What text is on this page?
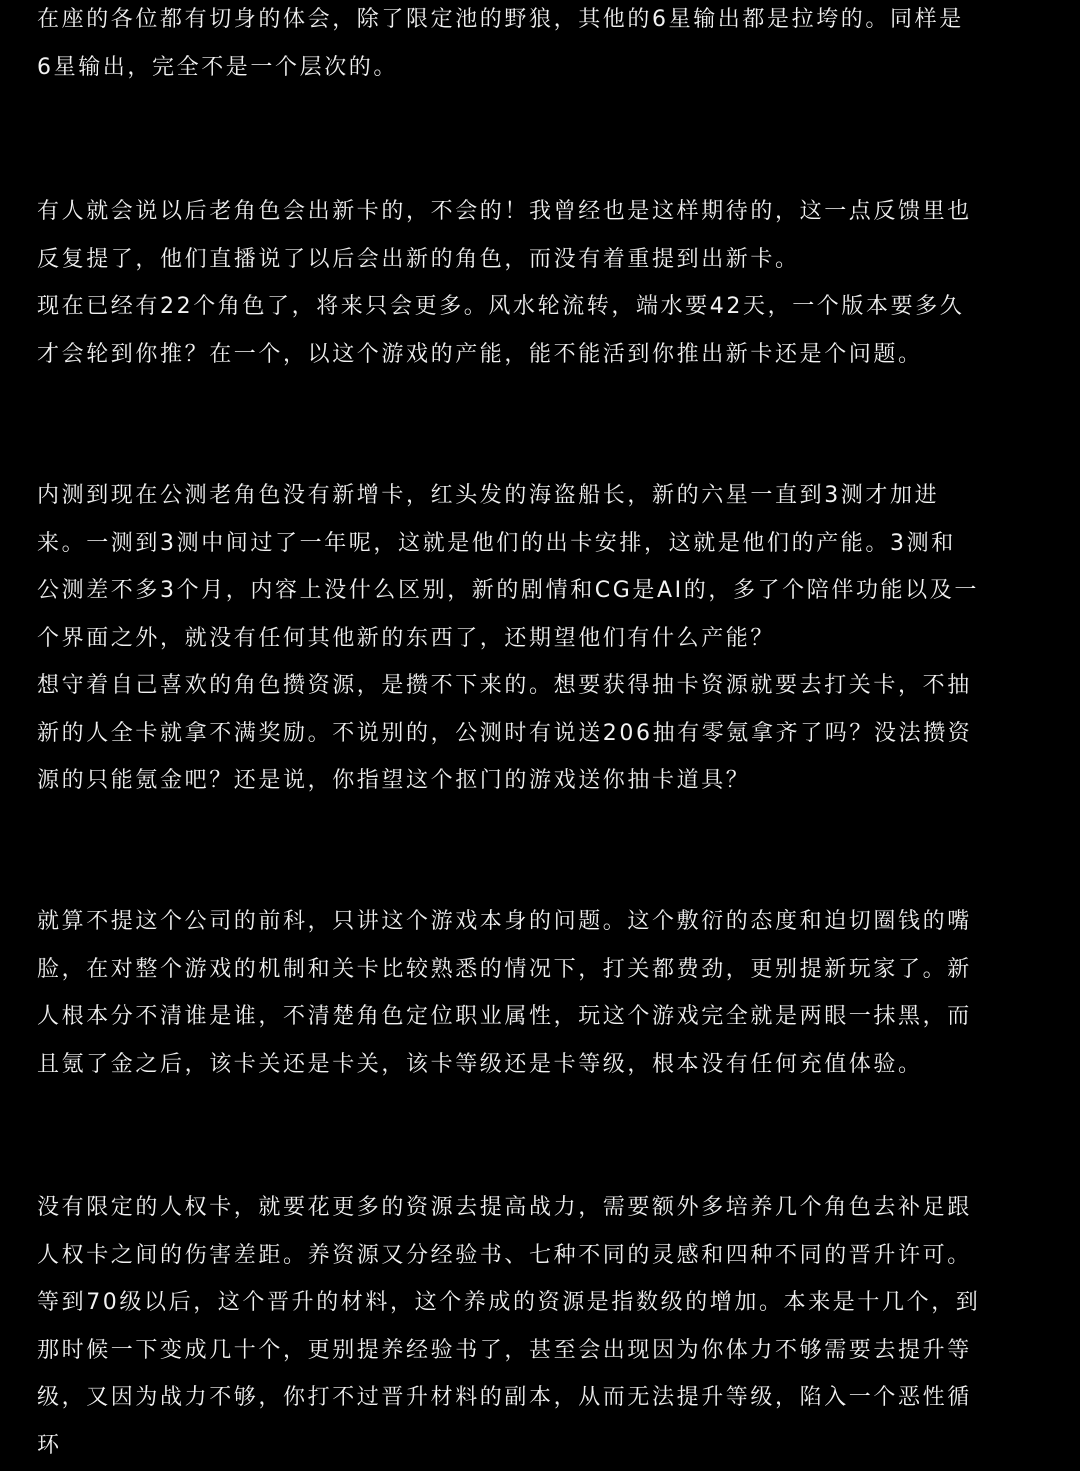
在座的各位都有切身的体会，除了限定池的野狼，其他的6星输出都是拉垮的。同样是
6星输出，完全不是一个层次的。
有人就会说以后老角色会出新卡的，不会的！我曾经也是这样期待的，这一点反馈里也
反复提了，他们直播说了以后会出新的角色，而没有着重提到出新卡。
现在已经有22个角色了，将来只会更多。风水轮流转，端水要42天，一个版本要多久
才会轮到你推？在一个，以这个游戏的产能，能不能活到你推出新卡还是个问题。
内测到现在公测老角色没有新增卡，红头发的海盗船长，新的六星一直到3测才加进
来。一测到3测中间过了一年呢，这就是他们的出卡安排，这就是他们的产能。3测和
公测差不多3个月，内容上没什么区别，新的剧情和CG是AI的，多了个陪伴功能以及一
个界面之外，就没有任何其他新的东西了，还期望他们有什么产能？
想守着自己喜欢的角色攒资源，是攒不下来的。想要获得抽卡资源就要去打关卡，不抽
新的人全卡就拿不满奖励。不说别的，公测时有说送206抽有零氪拿齐了吗？没法攒资
源的只能氪金吧？还是说，你指望这个抠门的游戏送你抽卡道具？
就算不提这个公司的前科，只讲这个游戏本身的问题。这个敷衍的态度和迫切圈钱的嘴
脸，在对整个游戏的机制和关卡比较熟悉的情况下，打关都费劲，更别提新玩家了。新
人根本分不清谁是谁，不清楚角色定位职业属性，玩这个游戏完全就是两眼一抹黑，而
且氪了金之后，该卡关还是卡关，该卡等级还是卡等级，根本没有任何充值体验。
没有限定的人权卡，就要花更多的资源去提高战力，需要额外多培养几个角色去补足跟
人权卡之间的伤害差距。养资源又分经验书、七种不同的灵感和四种不同的晋升许可。
等到70级以后，这个晋升的材料，这个养成的资源是指数级的增加。本来是十几个，到
那时候一下变成几十个，更别提养经验书了，甚至会出现因为你体力不够需要去提升等
级，又因为战力不够，你打不过晋升材料的副本，从而无法提升等级，陷入一个恶性循
环
